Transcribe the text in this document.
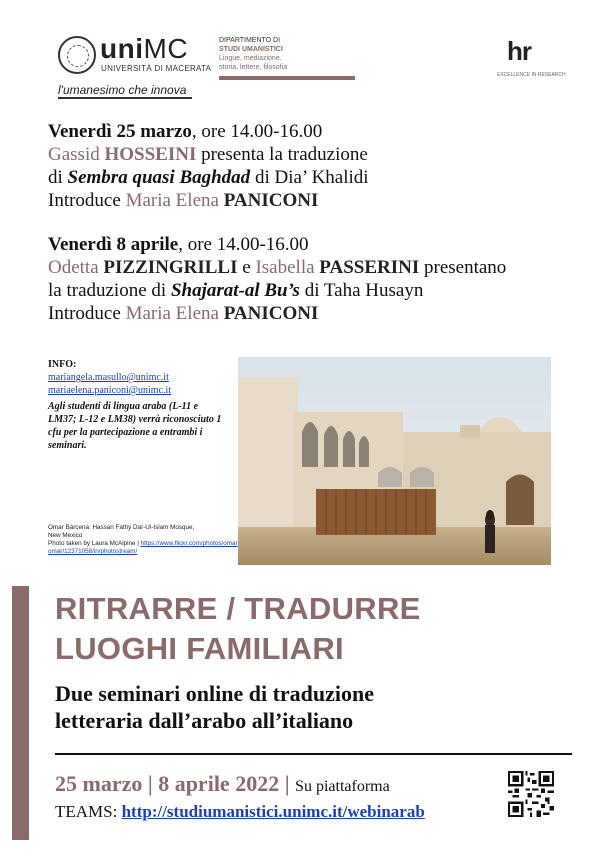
uniMC
UNIVERSITÀ DI MACERATA
l'umanesimo che innova
DIPARTIMENTO DI
STUDI UMANISTICI
Lingue, mediazione,
storia, lettere, filosofia
hr
EXCELLENCE IN RESEARCH
Venerdì 25 marzo, ore 14.00-16.00
Gassid HOSSEINI presenta la traduzione
di Sembra quasi Baghdad di Dia’ Khalidi
Introduce Maria Elena PANICONI
Venerdì 8 aprile, ore 14.00-16.00
Odetta PIZZINGRILLI e Isabella PASSERINI presentano
la traduzione di Shajarat-al Bu’s di Taha Husayn
Introduce Maria Elena PANICONI
INFO:
mariangela.masullo@unimc.it
mariaelena.paniconi@unimc.it
Agli studenti di lingua araba (L-11 e LM37; L-12 e LM38) verrà riconosciuto 1 cfu per la partecipazione a entrambi i seminari.
Omar Bárcena: Hassan Fathy Dar-Ul-Islam Mosque,
New Mexico
Photo taken by Laura McAlpine | https://www.flickr.com/photos/omaromar/12371058/in/photostream/
RITRARRE / TRADURRE
LUOGHI FAMILIARI
Due seminari online di traduzione
letteraria dall’arabo all’italiano
25 marzo | 8 aprile 2022 | Su piattaforma
TEAMS: http://studiumanistici.unimc.it/webinarab
